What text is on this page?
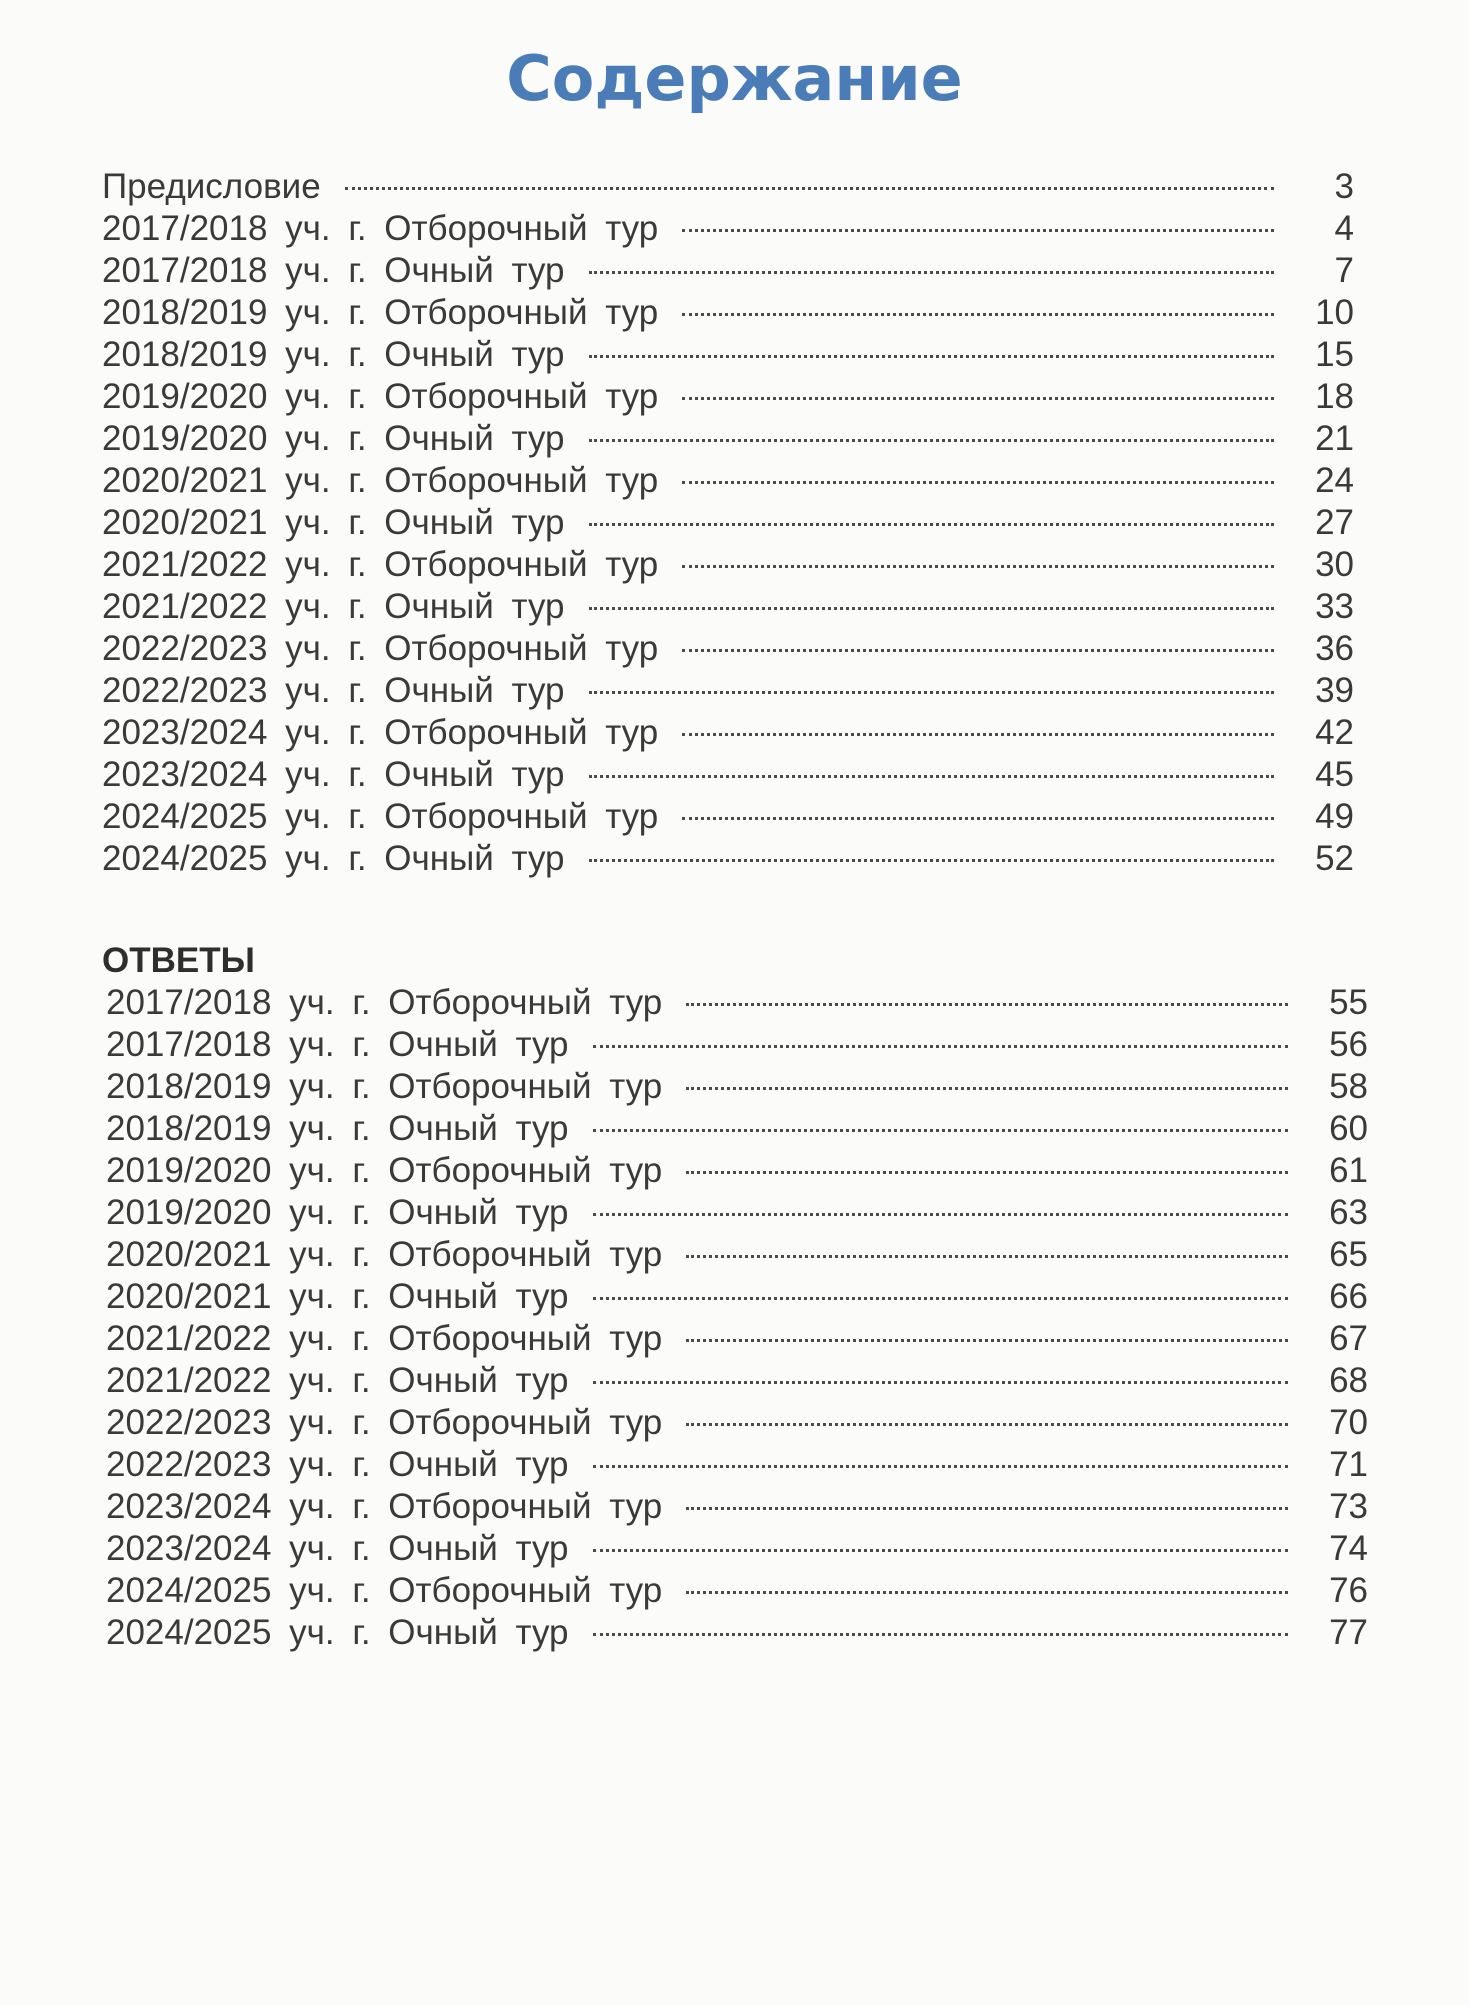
Содержание
Предисловие	3
2017/2018 уч. г. Отборочный тур	4
2017/2018 уч. г. Очный тур	7
2018/2019 уч. г. Отборочный тур	10
2018/2019 уч. г. Очный тур	15
2019/2020 уч. г. Отборочный тур	18
2019/2020 уч. г. Очный тур	21
2020/2021 уч. г. Отборочный тур	24
2020/2021 уч. г. Очный тур	27
2021/2022 уч. г. Отборочный тур	30
2021/2022 уч. г. Очный тур	33
2022/2023 уч. г. Отборочный тур	36
2022/2023 уч. г. Очный тур	39
2023/2024 уч. г. Отборочный тур	42
2023/2024 уч. г. Очный тур	45
2024/2025 уч. г. Отборочный тур	49
2024/2025 уч. г. Очный тур	52
ОТВЕТЫ
2017/2018 уч. г. Отборочный тур	55
2017/2018 уч. г. Очный тур	56
2018/2019 уч. г. Отборочный тур	58
2018/2019 уч. г. Очный тур	60
2019/2020 уч. г. Отборочный тур	61
2019/2020 уч. г. Очный тур	63
2020/2021 уч. г. Отборочный тур	65
2020/2021 уч. г. Очный тур	66
2021/2022 уч. г. Отборочный тур	67
2021/2022 уч. г. Очный тур	68
2022/2023 уч. г. Отборочный тур	70
2022/2023 уч. г. Очный тур	71
2023/2024 уч. г. Отборочный тур	73
2023/2024 уч. г. Очный тур	74
2024/2025 уч. г. Отборочный тур	76
2024/2025 уч. г. Очный тур	77
